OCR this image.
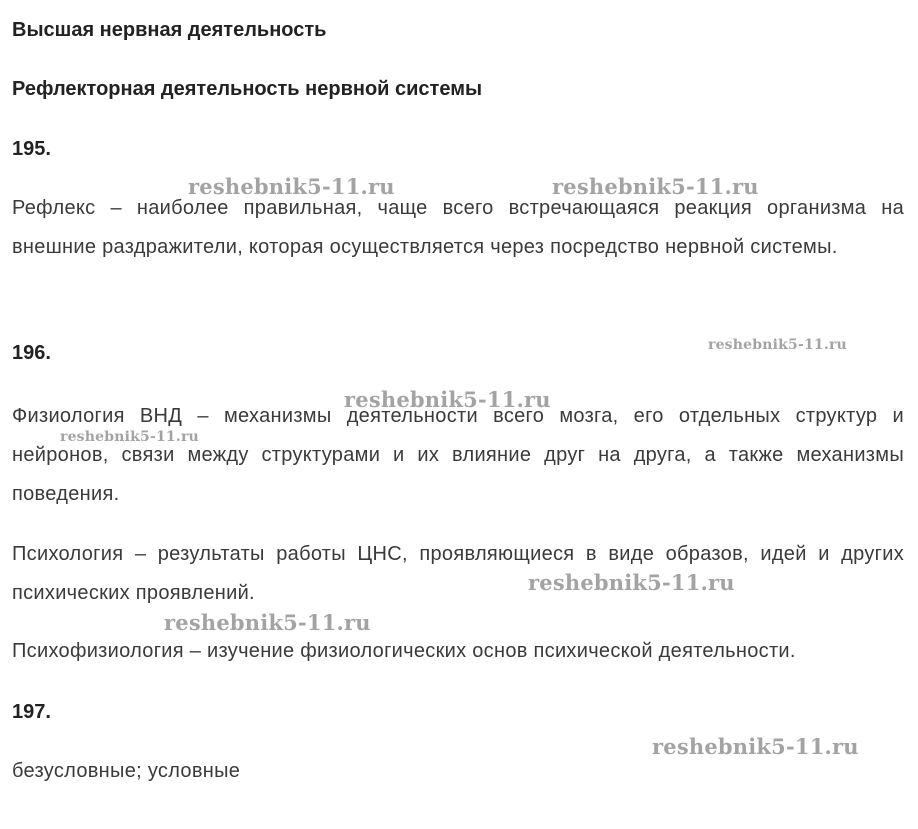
Высшая нервная деятельность
Рефлекторная деятельность нервной системы
195.
Рефлекс – наиболее правильная, чаще всего встречающаяся реакция организма на внешние раздражители, которая осуществляется через посредство нервной системы.
196.
Физиология ВНД – механизмы деятельности всего мозга, его отдельных структур и нейронов, связи между структурами и их влияние друг на друга, а также механизмы поведения.
Психология – результаты работы ЦНС, проявляющиеся в виде образов, идей и других психических проявлений.
Психофизиология – изучение физиологических основ психической деятельности.
197.
безусловные; условные
reshebnik5-11.ru	reshebnik5-11.ru
reshebnik5-11.ru
reshebnik5-11.ru
reshebnik5-11.ru
reshebnik5-11.ru
reshebnik5-11.ru
reshebnik5-11.ru
